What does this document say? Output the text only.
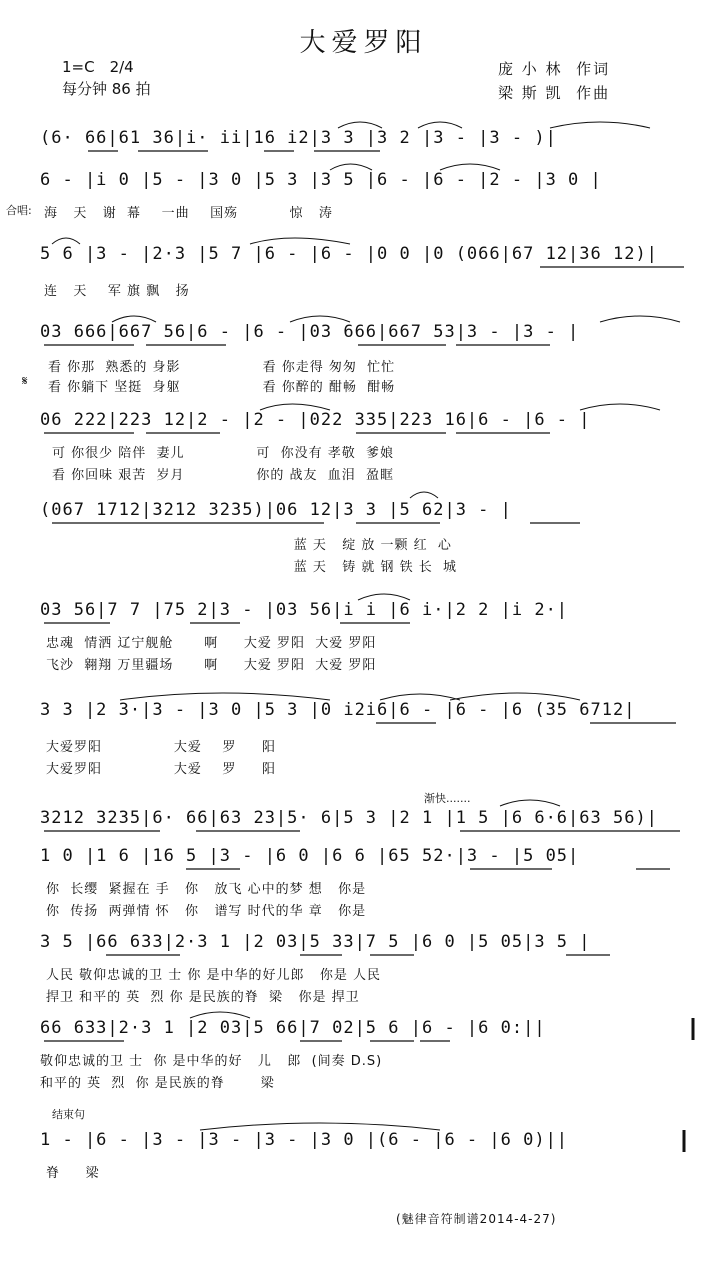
大爱罗阳
1=C　2/4
每分钟 86 拍
庞 小 林  作词
梁 斯 凯  作曲
(6· 66|61 36|i· ii|16 i2|3 3 |3 2 |3 - |3 - )|
6 - |i 0 |5 - |3 0 |5 3 |3 5 |6 - |6 - |2 - |3 0 |
合唱: 海   天   谢  幕    一曲    国殇          惊   涛
5 6 |3 - |2·3 |5 7 |6 - |6 - |0 0 |0 (066|67 12|36 12)|
连   天    军 旗 飘   扬
03 666|667 56|6 - |6 - |03 666|667 53|3 - |3 - |
看 你那  熟悉的 身影                看 你走得 匆匆  忙忙
𝄋 看 你躺下 坚挺  身躯                看 你醉的 酣畅  酣畅
06 222|223 12|2 - |2 - |022 335|223 16|6 - |6 - |
可 你很少 陪伴  妻儿              可  你没有 孝敬  爹娘
看 你回味 艰苦  岁月              你的 战友  血泪  盈眶
(067 1712|3212 3235)|06 12|3 3 |5 62|3 - |
蓝 天   绽 放 一颗 红  心
蓝 天   铸 就 钢 铁 长  城
03 56|7 7 |75 2|3 - |03 56|i i |6 i·|2 2 |i 2·|
忠魂  情洒 辽宁舰舱      啊     大爱 罗阳  大爱 罗阳
飞沙  翱翔 万里疆场      啊     大爱 罗阳  大爱 罗阳
3 3 |2 3·|3 - |3 0 |5 3 |0 i2i6|6 - |6 - |6 (35 6712|
大爱罗阳              大爱    罗     阳
大爱罗阳              大爱    罗     阳
渐快.......
3212 3235|6· 66|63 23|5· 6|5 3 |2 1 |1 5 |6 6·6|63 56)|
1 0 |1 6 |16 5 |3 - |6 0 |6 6 |65 52·|3 - |5 05|
你  长缨  紧握在 手   你   放飞 心中的梦 想   你是
你  传扬  两弹情 怀   你   谱写 时代的华 章   你是
3 5 |66 633|2·3 1 |2 03|5 33|7 5 |6 0 |5 05|3 5 |
人民 敬仰忠诚的卫 士 你 是中华的好儿郎   你是 人民
捍卫 和平的 英  烈 你 是民族的脊  梁   你是 捍卫
66 633|2·3 1 |2 03|5 66|7 02|5 6 |6 - |6 0:||
敬仰忠诚的卫 士  你 是中华的好   儿   郎  (间奏 D.S)
和平的 英  烈  你 是民族的脊       梁
结束句
1 - |6 - |3 - |3 - |3 - |3 0 |(6 - |6 - |6 0)||
脊     梁
(魅律音符制谱2014-4-27)
